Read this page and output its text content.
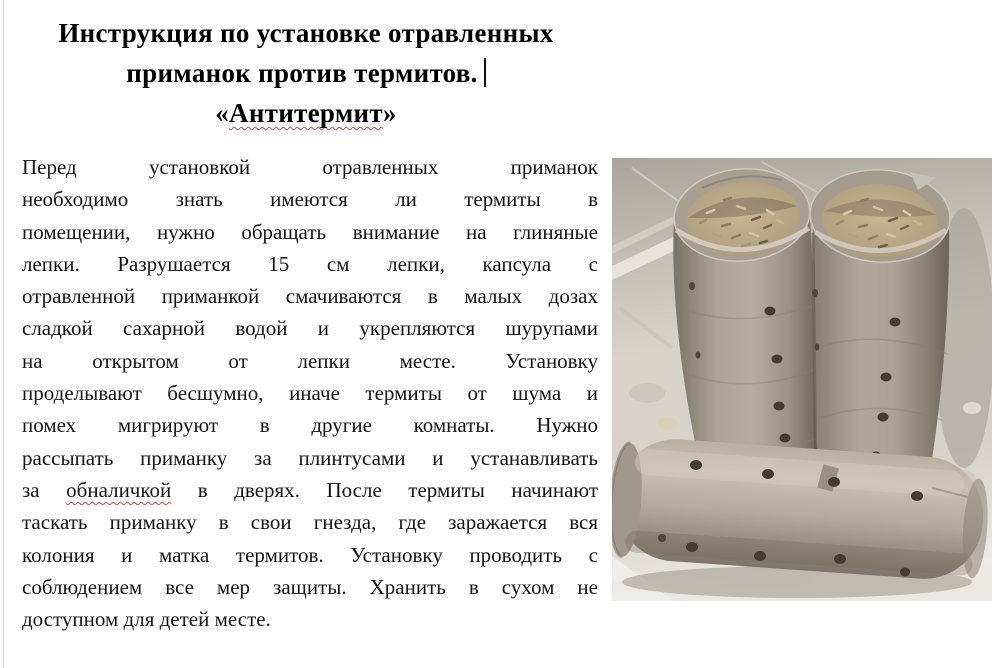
Инструкция по установке отравленных
приманок против термитов.
«Антитермит»
Перед установкой отравленных приманок
необходимо знать имеются ли термиты в
помещении, нужно обращать внимание на глиняные
лепки. Разрушается 15 см лепки, капсула с
отравленной приманкой смачиваются в малых дозах
сладкой сахарной водой и укрепляются шурупами
на открытом от лепки месте. Установку
проделывают бесшумно, иначе термиты от шума и
помех мигрируют в другие комнаты. Нужно
рассыпать приманку за плинтусами и устанавливать
за обналичкой в дверях. После термиты начинают
таскать приманку в свои гнезда, где заражается вся
колония и матка термитов. Установку проводить с
соблюдением все мер защиты. Хранить в сухом не
доступном для детей месте.
